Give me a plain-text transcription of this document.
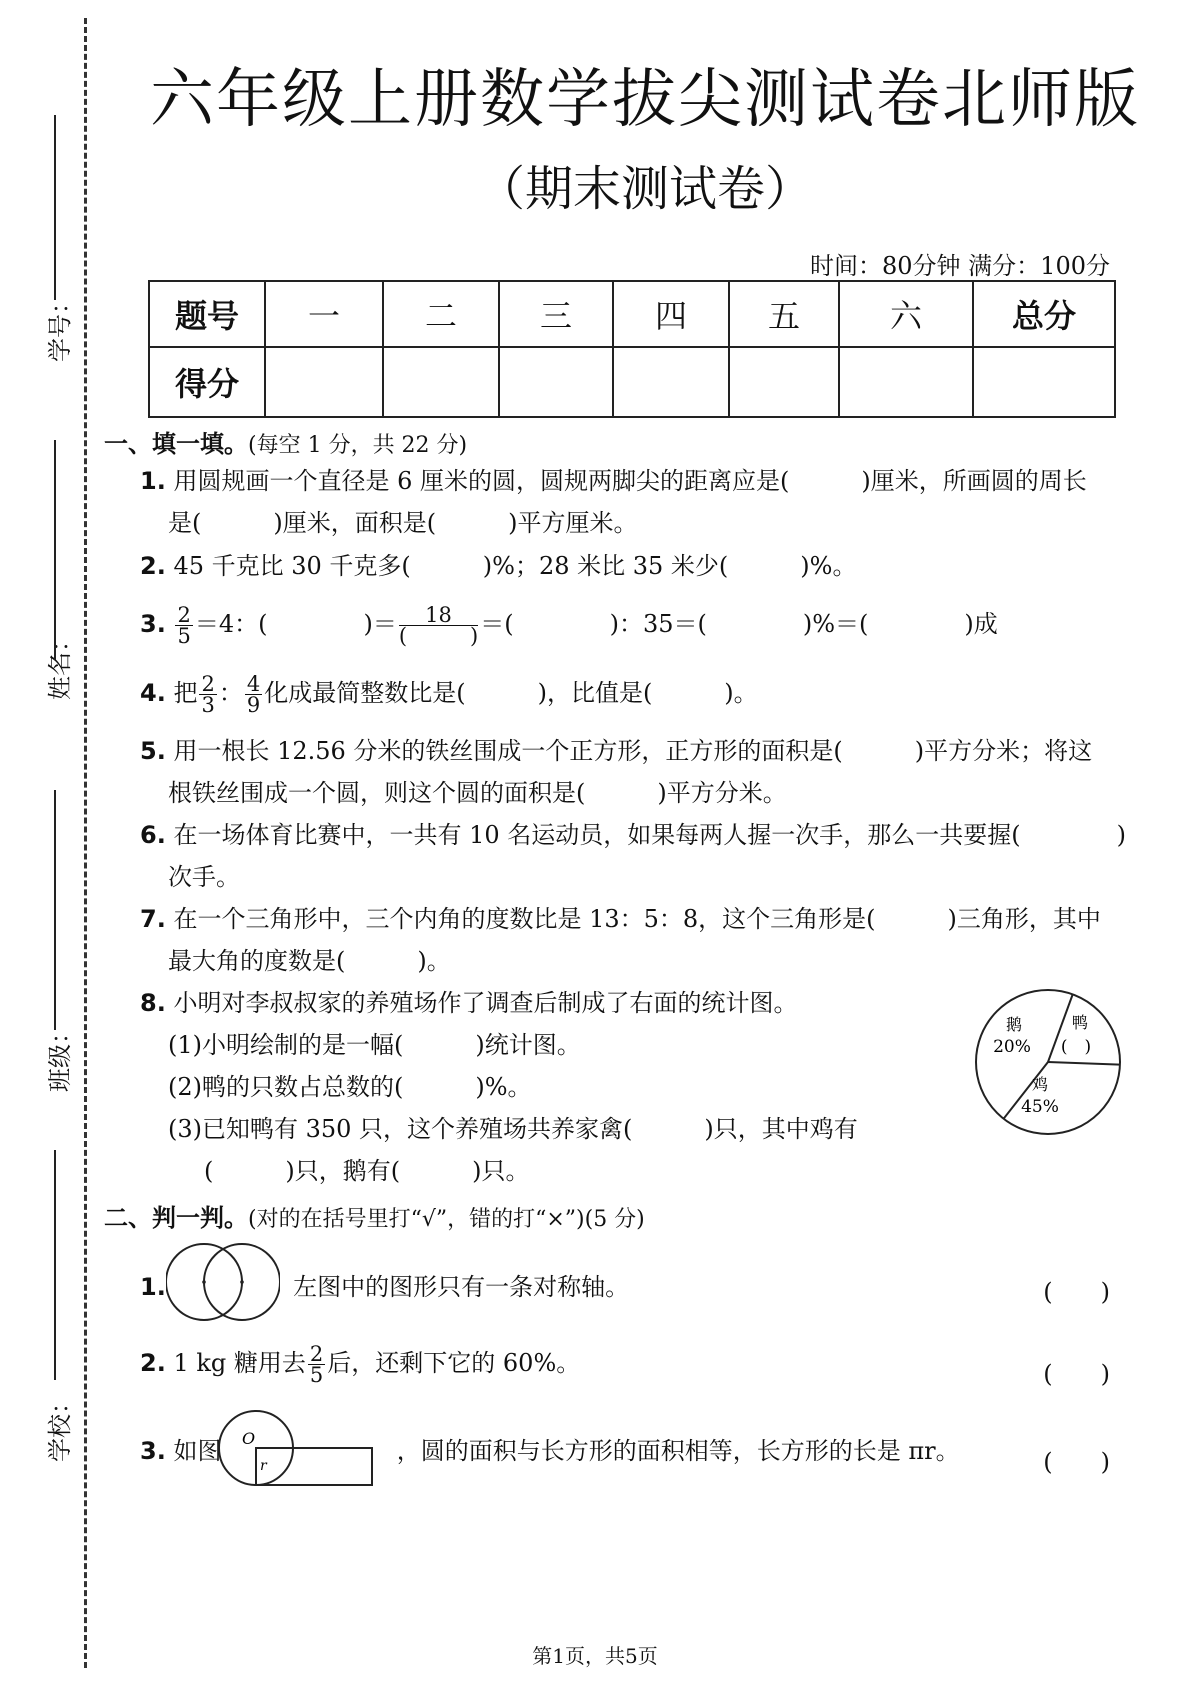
学号：
姓名：
班级：
学校：
六年级上册数学拔尖测试卷北师版
（期末测试卷）
时间：80分钟 满分：100分
题号	一	二	三	四	五	六	总分
得分							
一、填一填。(每空 1 分，共 22 分)
1. 用圆规画一个直径是 6 厘米的圆，圆规两脚尖的距离应是(　　　)厘米，所画圆的周长
是(　　　)厘米，面积是(　　　)平方厘米。
2. 45 千克比 30 千克多(　　　)%；28 米比 35 米少(　　　)%。
3. $\frac{2}{5} =4$：(　　　　)＝ $\frac{18}{( )}$ ＝(　　　　)：35＝(　　　　)%＝(　　　　)成
4. 把 $\frac{2}{3}$ ： $\frac{4}{9}$ 化成最简整数比是(　　　)，比值是(　　　)。
5. 用一根长 12.56 分米的铁丝围成一个正方形，正方形的面积是(　　　)平方分米；将这
根铁丝围成一个圆，则这个圆的面积是(　　　)平方分米。
6. 在一场体育比赛中，一共有 10 名运动员，如果每两人握一次手，那么一共要握(　　　　)
次手。
7. 在一个三角形中，三个内角的度数比是 13：5：8，这个三角形是(　　　)三角形，其中
最大角的度数是(　　　)。
8. 小明对李叔叔家的养殖场作了调查后制成了右面的统计图。
(1)小明绘制的是一幅(　　　)统计图。
(2)鸭的只数占总数的(　　　)%。
(3)已知鸭有 350 只，这个养殖场共养家禽(　　　)只，其中鸡有
(　　　)只，鹅有(　　　)只。
鹅
20%
鸭
(　)
鸡
45%
二、判一判。(对的在括号里打“√”，错的打“×”)(5 分)
1.	左图中的图形只有一条对称轴。	(　　)
2. 1 kg 糖用去 $\frac{2}{5}$ 后，还剩下它的 60%。	(　　)
3. 如图	，圆的面积与长方形的面积相等，长方形的长是 πr。
O
r	(　　)
第1页，共5页
